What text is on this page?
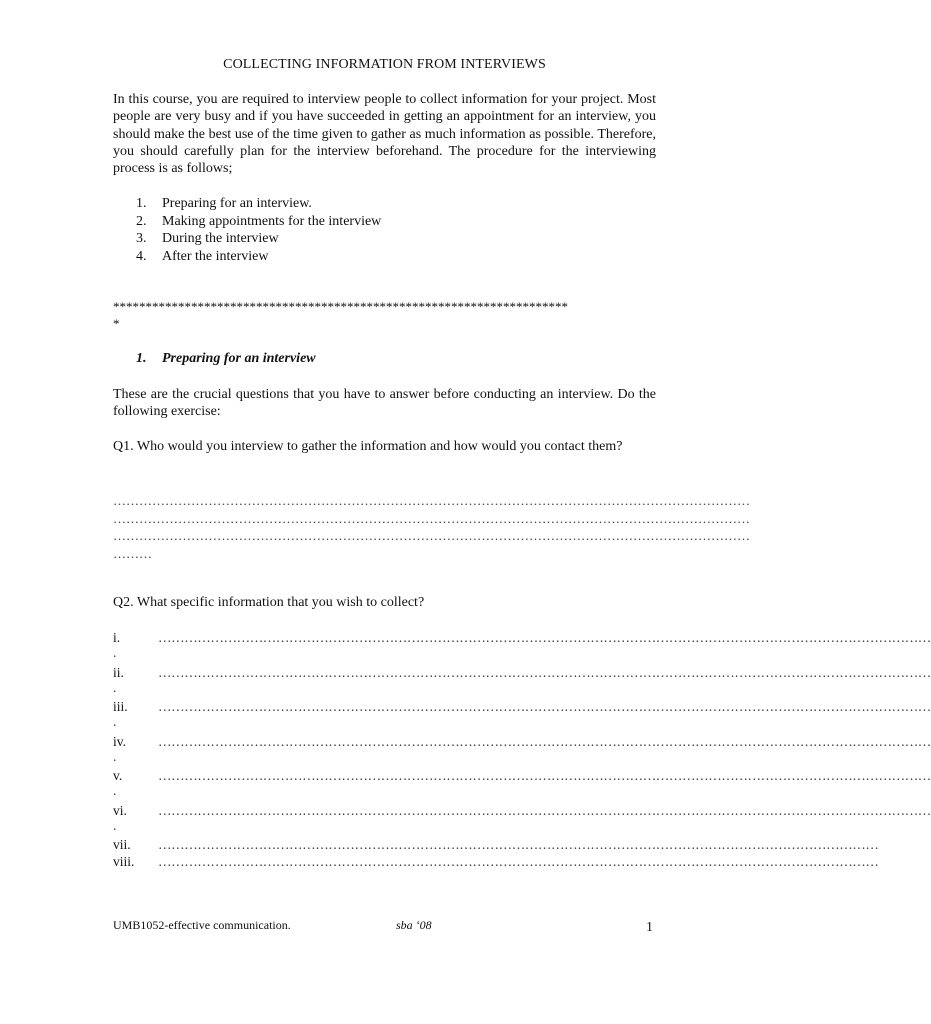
COLLECTING INFORMATION FROM INTERVIEWS

In this course, you are required to interview people to collect information for your project. Most people are very busy and if you have succeeded in getting an appointment for an interview, you should make the best use of the time given to gather as much information as possible. Therefore, you should carefully plan for the interview beforehand. The procedure for the interviewing process is as follows;

1. Preparing for an interview.
2. Making appointments for the interview
3. During the interview
4. After the interview
**********************************************************************
*
1. Preparing for an interview

These are the crucial questions that you have to answer before conducting an interview. Do the following exercise:

Q1. Who would you interview to gather the information and how would you contact them?

…………………………………………………………………………………………………………………………………
…………………………………………………………………………………………………………………………………
…………………………………………………………………………………………………………………………………
………
Q2. What specific information that you wish to collect?
i.	……………………………………………………………………………………………………………………………………………………………
.
ii.	……………………………………………………………………………………………………………………………………………………………
.
iii. ……………………………………………………………………………………………………………………………………………………………
.
iv. ……………………………………………………………………………………………………………………………………………………………
.
v.	……………………………………………………………………………………………………………………………………………………………
.
vi. ……………………………………………………………………………………………………………………………………………………………
.
vii. …………………………………………………………………………………………………………………………………………………
viii. …………………………………………………………………………………………………………………………………………………
UMB1052-effective communication.	sba ‘08	1
